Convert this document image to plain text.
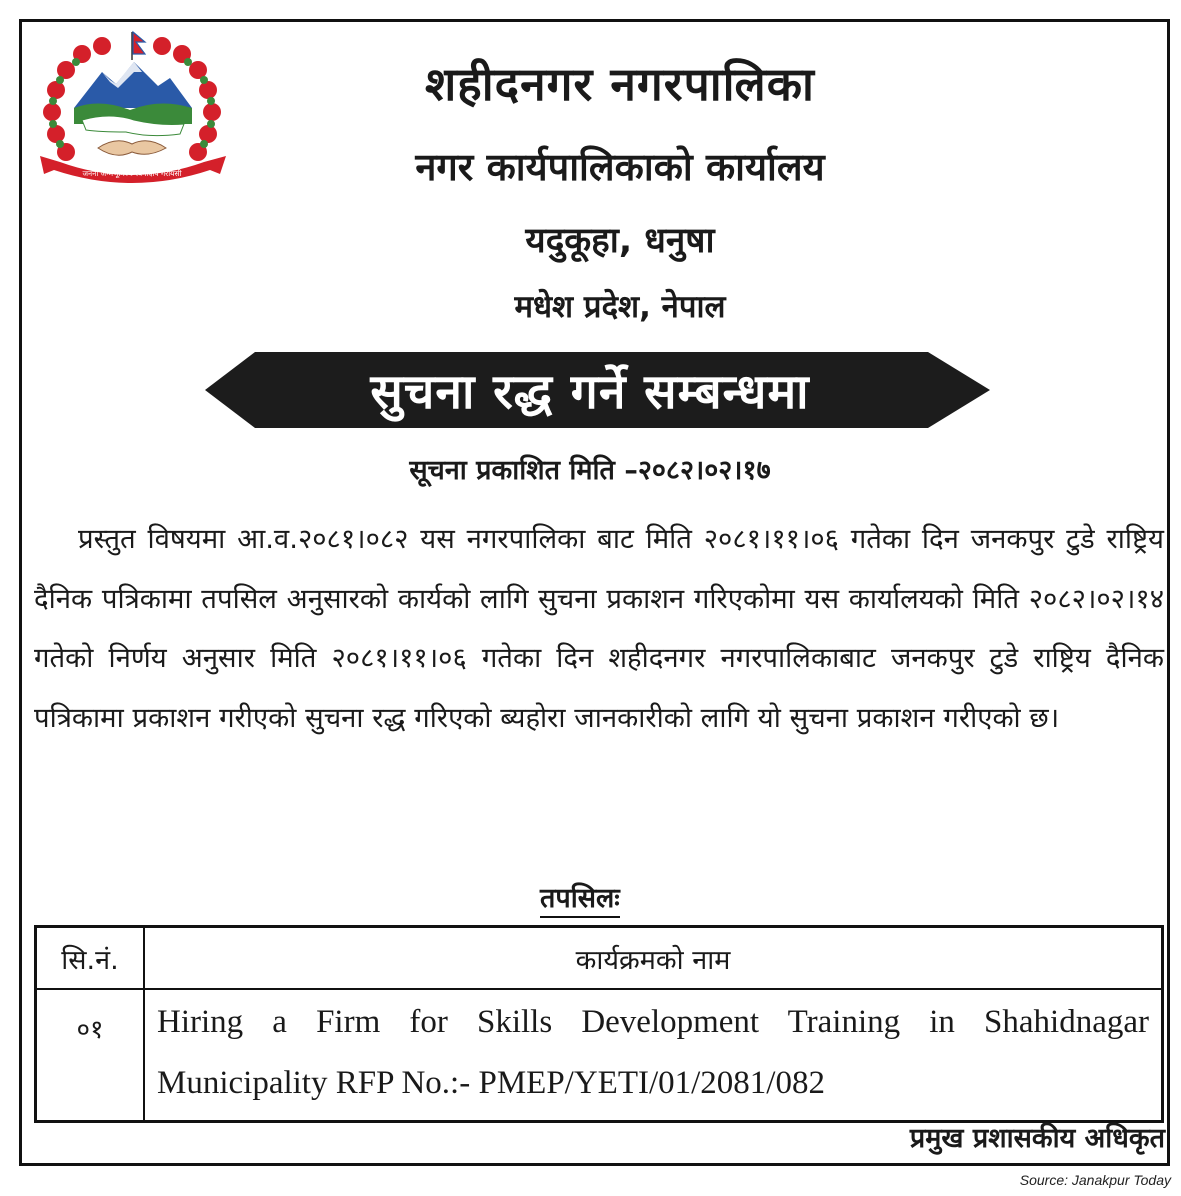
जननी जन्मभूमिश्च स्वर्गादपि गरीयसी
शहीदनगर नगरपालिका
नगर कार्यपालिकाको कार्यालय
यदुकूहा, धनुषा
मधेश प्रदेश, नेपाल
सुचना रद्ध गर्ने सम्बन्धमा
सूचना प्रकाशित मिति –२०८२।०२।१७
प्रस्तुत विषयमा आ.व.२०८१।०८२ यस नगरपालिका बाट मिति २०८१।११।०६ गतेका दिन जनकपुर टुडे राष्ट्रिय दैनिक पत्रिकामा तपसिल अनुसारको कार्यको लागि सुचना प्रकाशन गरिएकोमा यस कार्यालयको मिति २०८२।०२।१४ गतेको निर्णय अनुसार मिति २०८१।११।०६ गतेका दिन शहीदनगर नगरपालिकाबाट जनकपुर टुडे राष्ट्रिय दैनिक पत्रिकामा प्रकाशन गरीएको सुचना रद्ध गरिएको ब्यहोरा जानकारीको लागि यो सुचना प्रकाशन गरीएको छ।
तपसिलः
सि.नं.	कार्यक्रमको नाम
०१	Hiring a Firm for Skills Development Training in Shahidnagar Municipality RFP No.:- PMEP/YETI/01/2081/082
प्रमुख प्रशासकीय अधिकृत
Source: Janakpur Today
